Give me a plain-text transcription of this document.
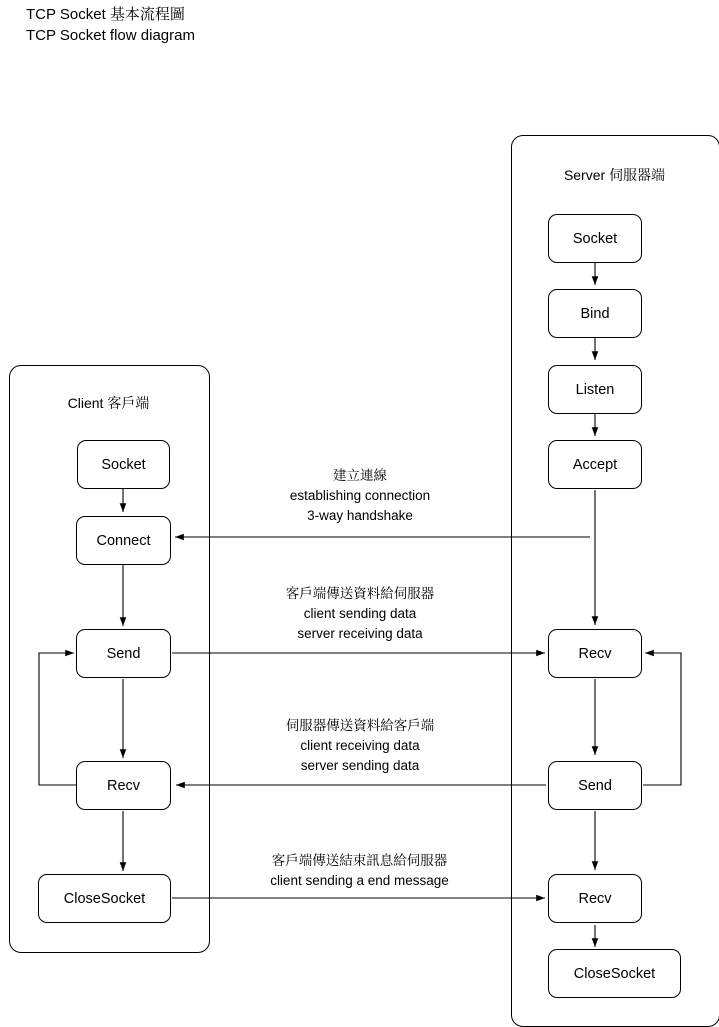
TCP Socket 基本流程圖
TCP Socket flow diagram
Server 伺服器端
Socket
Bind
Listen
Accept
Recv
Send
Recv
CloseSocket
Client 客戶端
Socket
Connect
Send
Recv
CloseSocket
建立連線
establishing connection
3-way handshake
客戶端傳送資料給伺服器
client sending data
server receiving data
伺服器傳送資料給客戶端
client receiving data
server sending data
客戶端傳送結束訊息給伺服器
client sending a end message
